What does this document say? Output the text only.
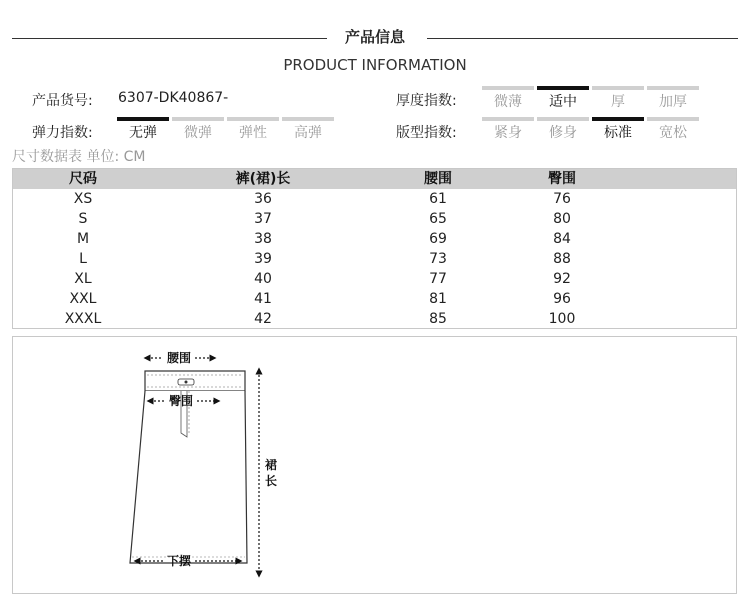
产品信息
PRODUCT INFORMATION
产品货号: 6307-DK40867-	厚度指数:	微薄	适中	厚	加厚
弹力指数:	无弹	微弹	弹性	高弹	版型指数:	紧身	修身	标准	宽松
尺寸数据表 单位: CM
尺码	裤(裙)长	腰围	臀围
XS	36	61	76
S	37	65	80
M	38	69	84
L	39	73	88
XL	40	77	92
XXL	41	81	96
XXXL	42	85	100
腰围
臀围
裙
长
下摆
